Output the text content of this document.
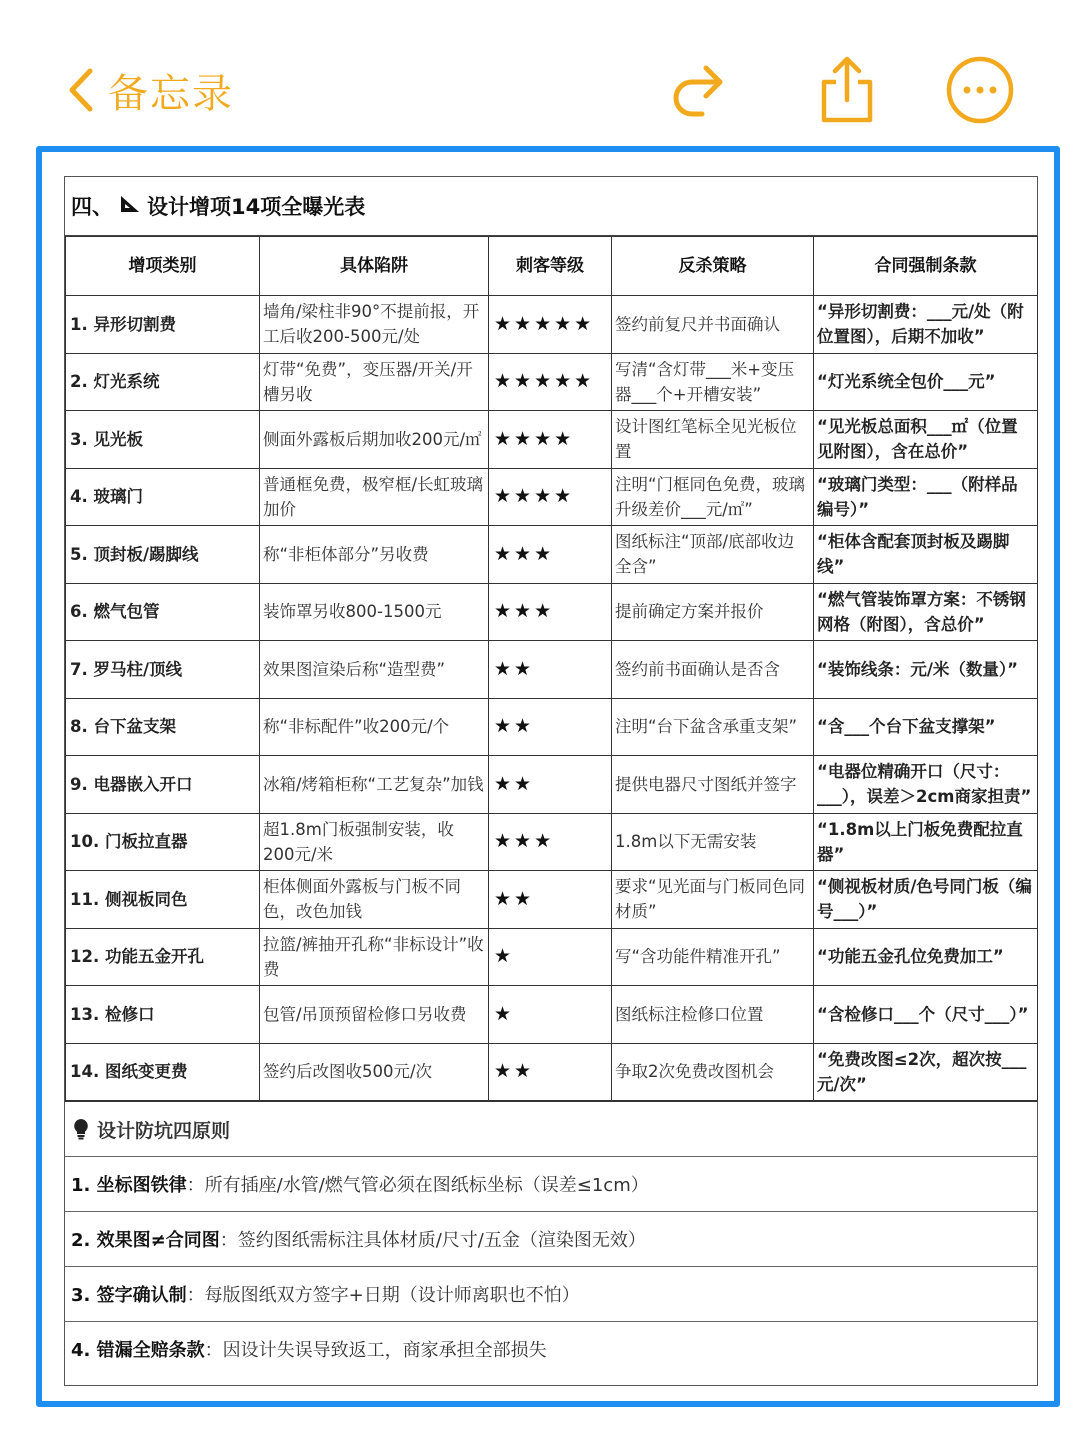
备忘录
四、 设计增项14项全曝光表
增项类别	具体陷阱	刺客等级	反杀策略	合同强制条款
1. 异形切割费	墙角/梁柱非90°不提前报，开工后收200-500元/处	★★★★★	签约前复尺并书面确认	“异形切割费：___元/处（附位置图），后期不加收”
2. 灯光系统	灯带“免费”，变压器/开关/开槽另收	★★★★★	写清“含灯带___米+变压器___个+开槽安装”	“灯光系统全包价___元”
3. 见光板	侧面外露板后期加收200元/㎡	★★★★	设计图红笔标全见光板位置	“见光板总面积___㎡（位置见附图），含在总价”
4. 玻璃门	普通框免费，极窄框/长虹玻璃加价	★★★★	注明“门框同色免费，玻璃升级差价___元/㎡”	“玻璃门类型：___（附样品编号）”
5. 顶封板/踢脚线	称“非柜体部分”另收费	★★★	图纸标注“顶部/底部收边全含”	“柜体含配套顶封板及踢脚线”
6. 燃气包管	装饰罩另收800-1500元	★★★	提前确定方案并报价	“燃气管装饰罩方案：不锈钢网格（附图），含总价”
7. 罗马柱/顶线	效果图渲染后称“造型费”	★★	签约前书面确认是否含	“装饰线条：元/米（数量）”
8. 台下盆支架	称“非标配件”收200元/个	★★	注明“台下盆含承重支架”	“含___个台下盆支撑架”
9. 电器嵌入开口	冰箱/烤箱柜称“工艺复杂”加钱	★★	提供电器尺寸图纸并签字	“电器位精确开口（尺寸：___），误差＞2cm商家担责”
10. 门板拉直器	超1.8m门板强制安装，收200元/米	★★★	1.8m以下无需安装	“1.8m以上门板免费配拉直器”
11. 侧视板同色	柜体侧面外露板与门板不同色，改色加钱	★★	要求“见光面与门板同色同材质”	“侧视板材质/色号同门板（编号___）”
12. 功能五金开孔	拉篮/裤抽开孔称“非标设计”收费	★	写“含功能件精准开孔”	“功能五金孔位免费加工”
13. 检修口	包管/吊顶预留检修口另收费	★	图纸标注检修口位置	“含检修口___个（尺寸___）”
14. 图纸变更费	签约后改图收500元/次	★★	争取2次免费改图机会	“免费改图≤2次，超次按___元/次”
设计防坑四原则
1. 坐标图铁律 ：所有插座/水管/燃气管必须在图纸标坐标（误差≤1cm）
2. 效果图≠合同图 ：签约图纸需标注具体材质/尺寸/五金（渲染图无效）
3. 签字确认制 ：每版图纸双方签字+日期（设计师离职也不怕）
4. 错漏全赔条款 ：因设计失误导致返工，商家承担全部损失
